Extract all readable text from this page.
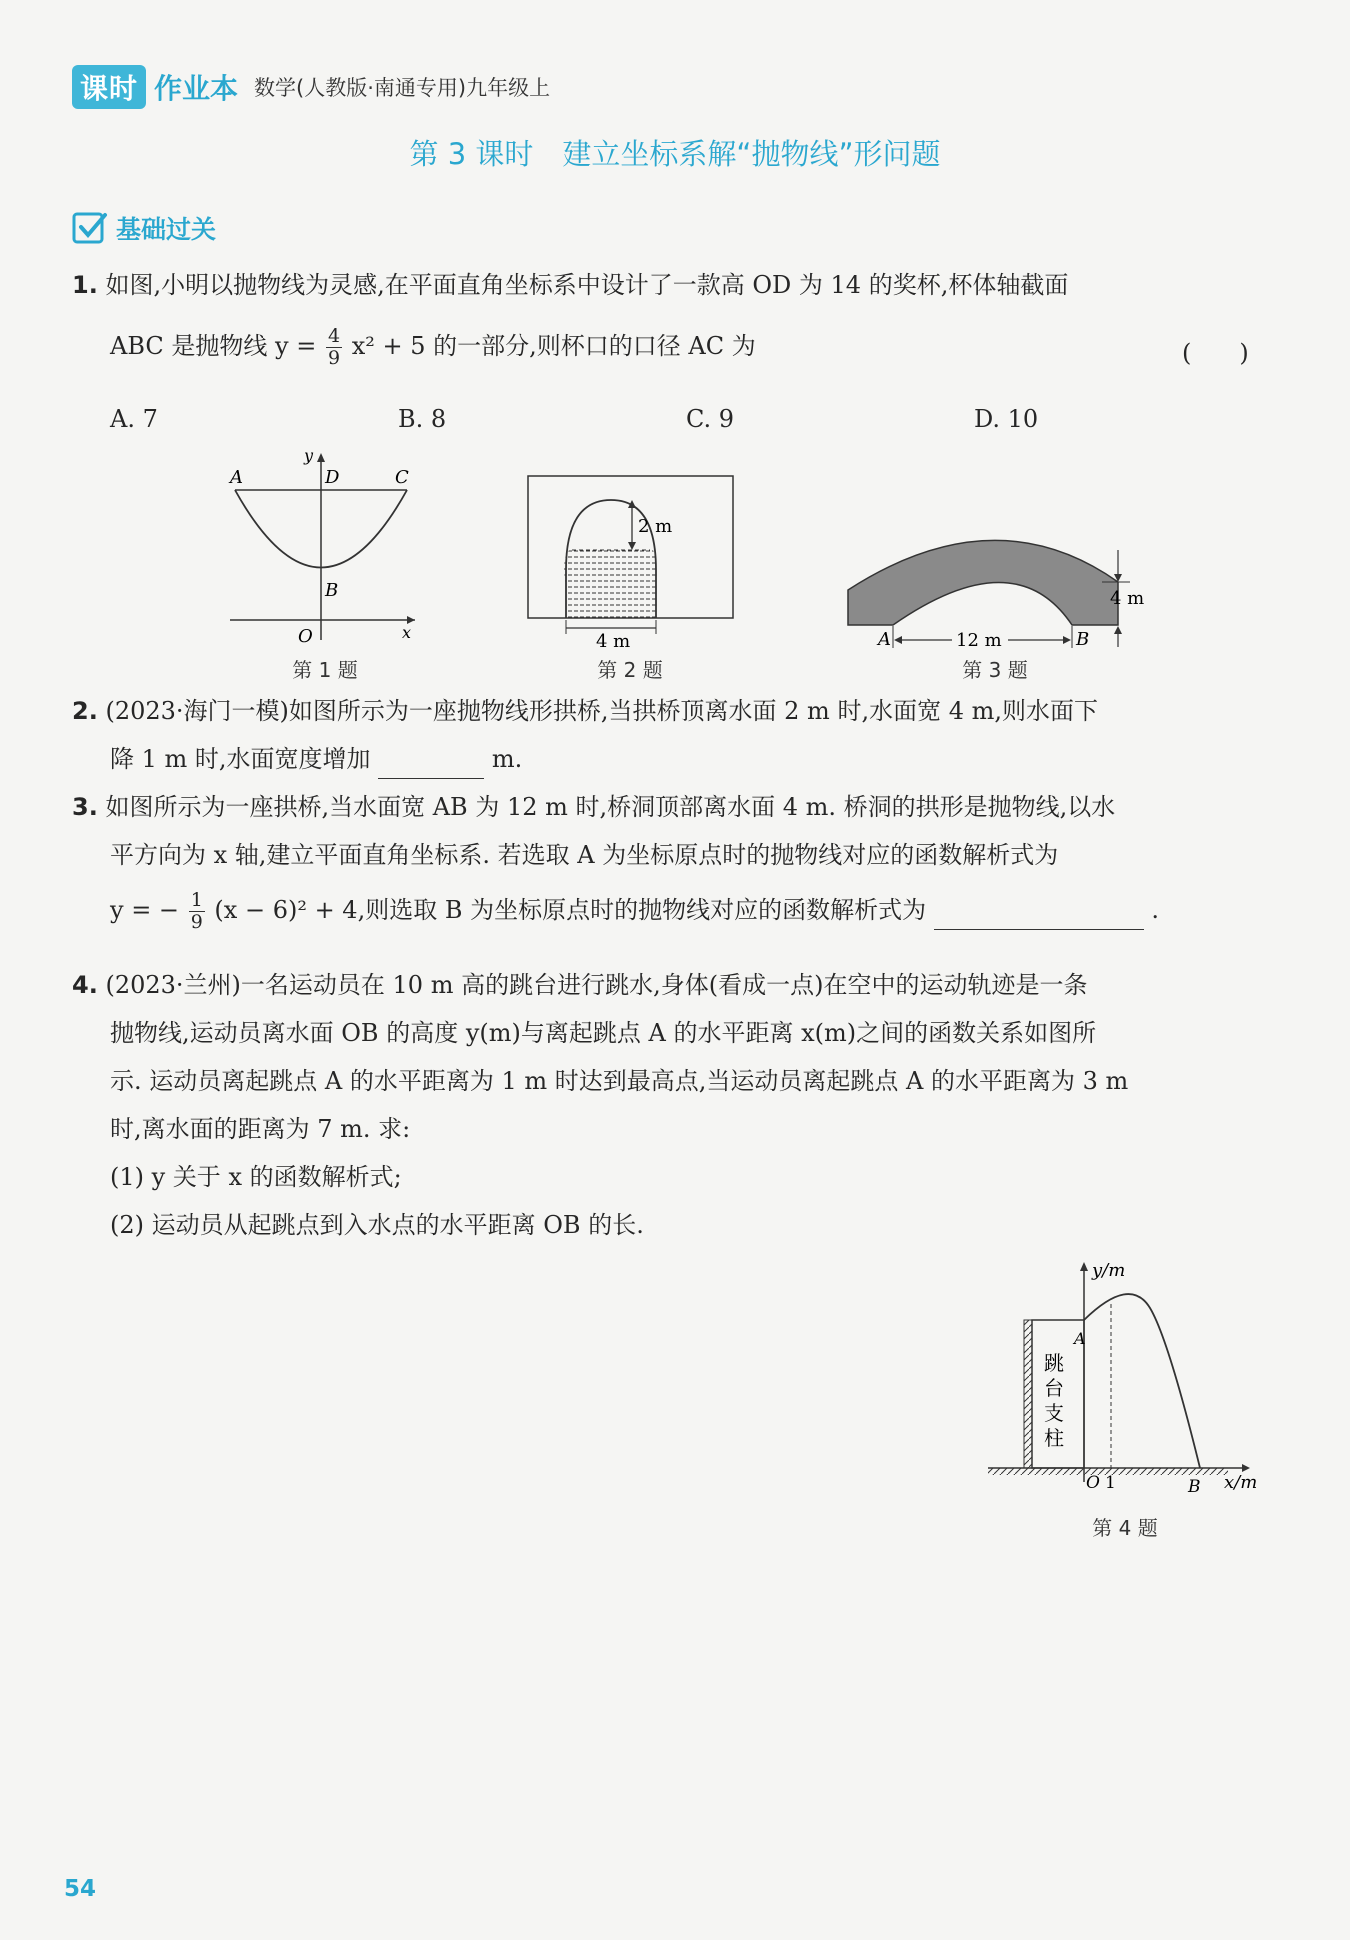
课时 作业本 数学(人教版·南通专用)九年级上
第 3 课时　建立坐标系解“抛物线”形问题
基础过关
1. 如图,小明以抛物线为灵感,在平面直角坐标系中设计了一款高 OD 为 14 的奖杯,杯体轴截面
ABC 是抛物线 $y = \frac{4}{9} x^2 + 5$ 的一部分,则杯口的口径 AC 为	(　　)
A. 7	B. 8	C. 9	D. 10
A	D	C
B
O	x
y
第 1 题
2 m
4 m
第 2 题
4 m
A	12 m	B
第 3 题
2. (2023·海门一模)如图所示为一座抛物线形拱桥,当拱桥顶离水面 2 m 时,水面宽 4 m,则水面下
降 1 m 时,水面宽度增加	m.
3. 如图所示为一座拱桥,当水面宽 AB 为 12 m 时,桥洞顶部离水面 4 m. 桥洞的拱形是抛物线,以水
平方向为 x 轴,建立平面直角坐标系. 若选取 A 为坐标原点时的抛物线对应的函数解析式为
y = − $\frac{1}{9} (x - 6)^2 + 4$,则选取 B 为坐标原点时的抛物线对应的函数解析式为	.
4. (2023·兰州)一名运动员在 10 m 高的跳台进行跳水,身体(看成一点)在空中的运动轨迹是一条
抛物线,运动员离水面 OB 的高度 y(m)与离起跳点 A 的水平距离 x(m)之间的函数关系如图所
示. 运动员离起跳点 A 的水平距离为 1 m 时达到最高点,当运动员离起跳点 A 的水平距离为 3 m
时,离水面的距离为 7 m. 求:
(1) y 关于 x 的函数解析式;
(2) 运动员从起跳点到入水点的水平距离 OB 的长.
y/m
A
跳
台
支
柱
O 1	B x/m
第 4 题
54
